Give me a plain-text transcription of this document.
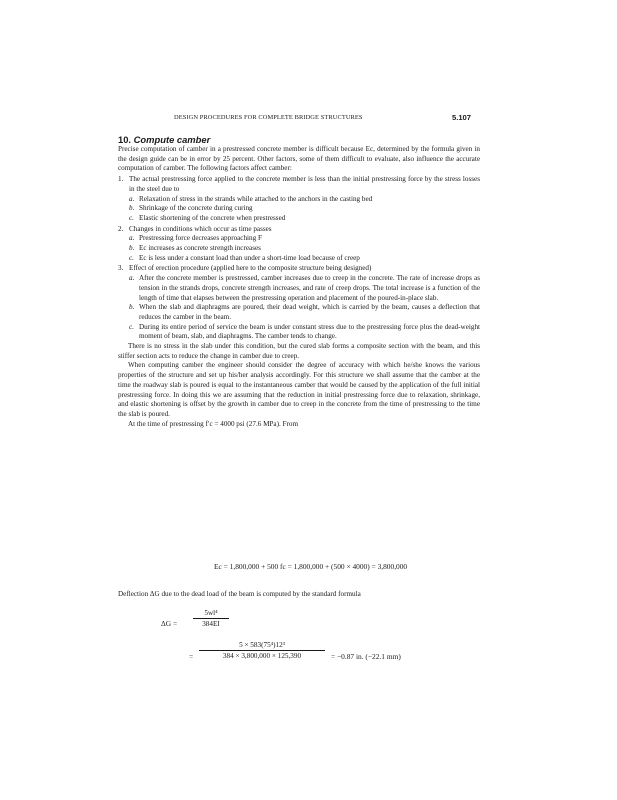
DESIGN PROCEDURES FOR COMPLETE BRIDGE STRUCTURES	5.107
10. Compute camber

Precise computation of camber in a prestressed concrete member is difficult because Ec, determined by the formula given in the design guide can be in error by 25 percent. Other factors, some of them difficult to evaluate, also influence the accurate computation of camber. The following factors affect camber:

1. The actual prestressing force applied to the concrete member is less than the initial prestressing force by the stress losses in the steel due to
a. Relaxation of stress in the strands while attached to the anchors in the casting bed
b. Shrinkage of the concrete during curing
c. Elastic shortening of the concrete when prestressed
2. Changes in conditions which occur as time passes
a. Prestressing force decreases approaching F
b. Ec increases as concrete strength increases
c. Ec is less under a constant load than under a short-time load because of creep
3. Effect of erection procedure (applied here to the composite structure being designed)
a. After the concrete member is prestressed, camber increases due to creep in the concrete. The rate of increase drops as tension in the strands drops, concrete strength increases, and rate of creep drops. The total increase is a function of the length of time that elapses between the prestressing operation and placement of the poured-in-place slab.
b. When the slab and diaphragms are poured, their dead weight, which is carried by the beam, causes a deflection that reduces the camber in the beam.
c. During its entire period of service the beam is under constant stress due to the prestressing force plus the dead-weight moment of beam, slab, and diaphragms. The camber tends to change.

There is no stress in the slab under this condition, but the cured slab forms a composite section with the beam, and this stiffer section acts to reduce the change in camber due to creep.

When computing camber the engineer should consider the degree of accuracy with which he/she knows the various properties of the structure and set up his/her analysis accordingly. For this structure we shall assume that the camber at the time the roadway slab is poured is equal to the instantaneous camber that would be caused by the application of the full initial prestressing force. In doing this we are assuming that the reduction in initial prestressing force due to relaxation, shrinkage, and elastic shortening is offset by the growth in camber due to creep in the concrete from the time of prestressing to the time the slab is poured.

At the time of prestressing f′c = 4000 psi (27.6 MPa). From

Ec = 1,800,000 + 500 fc = 1,800,000 + (500 × 4000) = 3,800,000
Deflection ΔG due to the dead load of the beam is computed by the standard formula
$\Delta G = \frac{\text{5wl⁴}}{384EI}$
= $\frac{\text{5 × 583(75⁴)12³}}{384 \times 3,800,000 \times 125,390} = -0.87$ in. (−22.1 mm)
